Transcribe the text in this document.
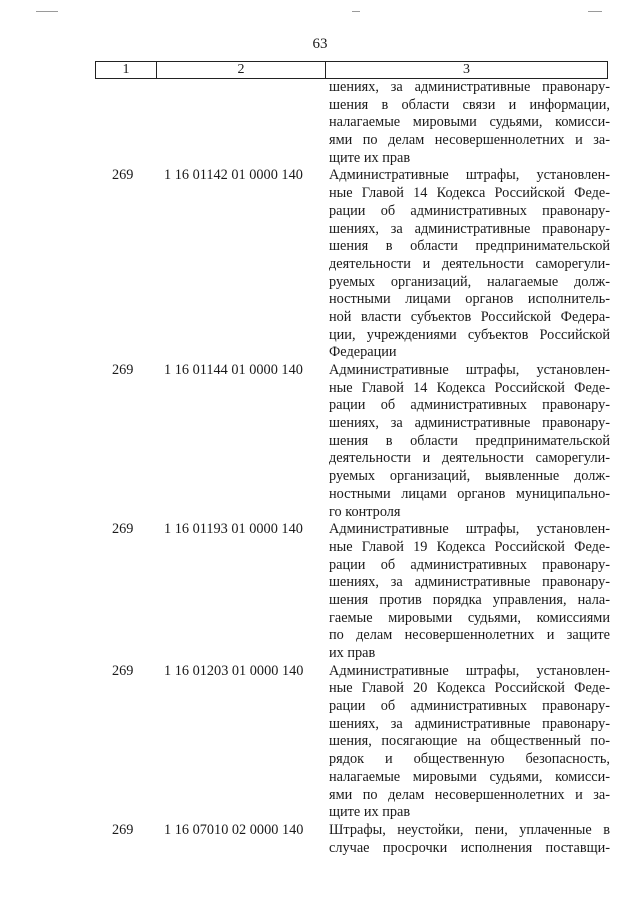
63
1	2	3
шениях, за административные правонару-
шения в области связи и информации,
налагаемые мировыми судьями, комисси-
ями по делам несовершеннолетних и за-
щите их прав
269	1 16 01142 01 0000 140	Административные штрафы, установлен-
ные Главой 14 Кодекса Российской Феде-
рации об административных правонару-
шениях, за административные правонару-
шения в области предпринимательской
деятельности и деятельности саморегули-
руемых организаций, налагаемые долж-
ностными лицами органов исполнитель-
ной власти субъектов Российской Федера-
ции, учреждениями субъектов Российской
Федерации
269	1 16 01144 01 0000 140	Административные штрафы, установлен-
ные Главой 14 Кодекса Российской Феде-
рации об административных правонару-
шениях, за административные правонару-
шения в области предпринимательской
деятельности и деятельности саморегули-
руемых организаций, выявленные долж-
ностными лицами органов муниципально-
го контроля
269	1 16 01193 01 0000 140	Административные штрафы, установлен-
ные Главой 19 Кодекса Российской Феде-
рации об административных правонару-
шениях, за административные правонару-
шения против порядка управления, нала-
гаемые мировыми судьями, комиссиями
по делам несовершеннолетних и защите
их прав
269	1 16 01203 01 0000 140	Административные штрафы, установлен-
ные Главой 20 Кодекса Российской Феде-
рации об административных правонару-
шениях, за административные правонару-
шения, посягающие на общественный по-
рядок и общественную безопасность,
налагаемые мировыми судьями, комисси-
ями по делам несовершеннолетних и за-
щите их прав
269	1 16 07010 02 0000 140	Штрафы, неустойки, пени, уплаченные в
случае просрочки исполнения поставщи-
